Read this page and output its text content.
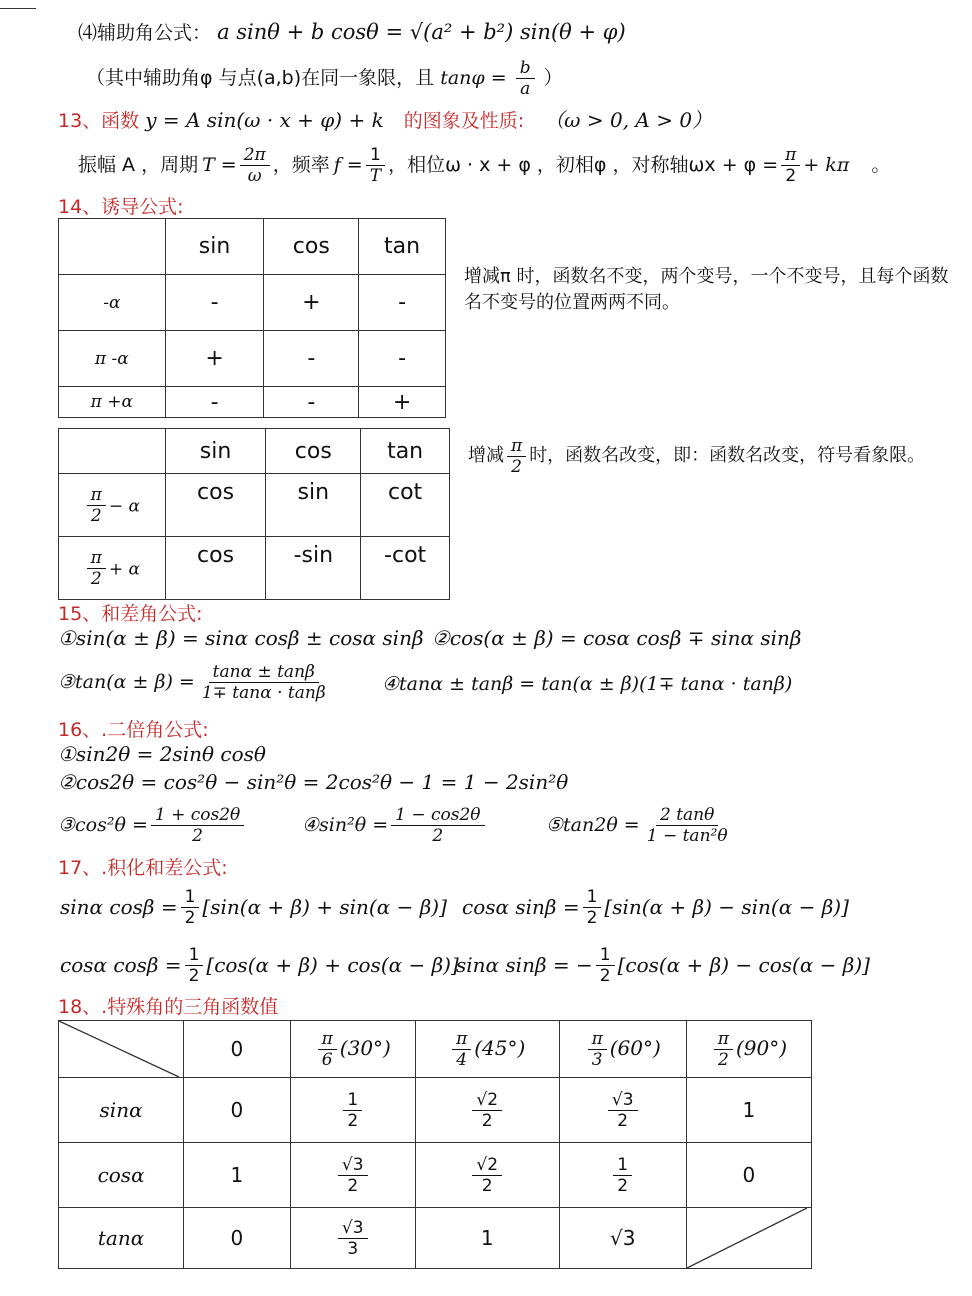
⑷辅助角公式： a sinθ + b cosθ = √(a² + b²) sin(θ + φ)
（其中辅助角φ 与点(a,b)在同一象限，且 $\tan\varphi = \frac{b}{a}$ ）
13、函数 y = A sin(ω · x + φ) + k 的图象及性质: （ω > 0, A > 0）
振幅 A ，周期 $T = \frac{2\pi}{\omega}$ ，频率 $f = \frac{1}{T}$ ，相位ω · x + φ ，初相φ ，对称轴$\omega x + \varphi = \frac{\pi}{2} + k\pi$ 。
14、诱导公式:
	sin	cos	tan
-α	-	+	-
π -α	+	-	-
π +α	-	-	+
增减π 时，函数名不变，两个变号，一个不变号，且每个函数名不变号的位置两两不同。
	sin	cos	tan

$\frac{\pi}{2} - \alpha$	cos	sin	cot

$\frac{\pi}{2} + \alpha$	cos	-sin	-cot
增减 π
2
时，函数名改变，即：函数名改变，符号看象限。
15、和差角公式:
①sin(α ± β) = sinα cosβ ± cosα sinβ ②cos(α ± β) = cosα cosβ ∓ sinα sinβ
③tan(α ± $\beta) = \frac{\tan\alpha \pm \tan\beta}{1\mp \tan\alpha \cdot \tan\beta}$	④tanα ± tanβ = tan(α ± β)(1∓ tanα · tanβ)
16、.二倍角公式:
①sin2θ = 2sinθ cosθ
②cos2θ = cos²θ − sin²θ = 2cos²θ − 1 = 1 − 2sin²θ
③cos²θ = $\frac{1 + \cos 2\theta}{2}$	④sin²θ = $\frac{1 - \cos 2\theta}{2}$	⑤tan2θ = $\frac{2 \tan\theta}{\text{1 − tan²θ}}$
17、.积化和差公式:
sinα $\cos\beta = \frac{1}{2} [\sin(\alpha + \beta) + \sin(\alpha - \beta)]$ cosα $\sin\beta = \frac{1}{2} [\sin(\alpha + \beta) - \sin(\alpha - \beta)]$
cosα $\cos\beta = \frac{1}{2} [\cos(\alpha + \beta) + \cos(\alpha - \beta)]$
sinα sinβ = − $\frac{1}{2} [\cos(\alpha + \beta) - \cos(\alpha - \beta)]$
18、.特殊角的三角函数值
	0	$\frac{\pi}{6} (30^\circ)$	$\frac{\pi}{4} (45^\circ)$	$\frac{\pi}{3} (60^\circ)$	$\frac{\pi}{2} (90^\circ)$
sinα	0	$\frac{1}{2}$	$\frac{√2}{2}$	$\frac{√3}{2}$	1
cosα	1	$\frac{√3}{2}$	$\frac{√2}{2}$	$\frac{1}{2}$	0
tanα	0	$\frac{√3}{3}$	1	√3	
